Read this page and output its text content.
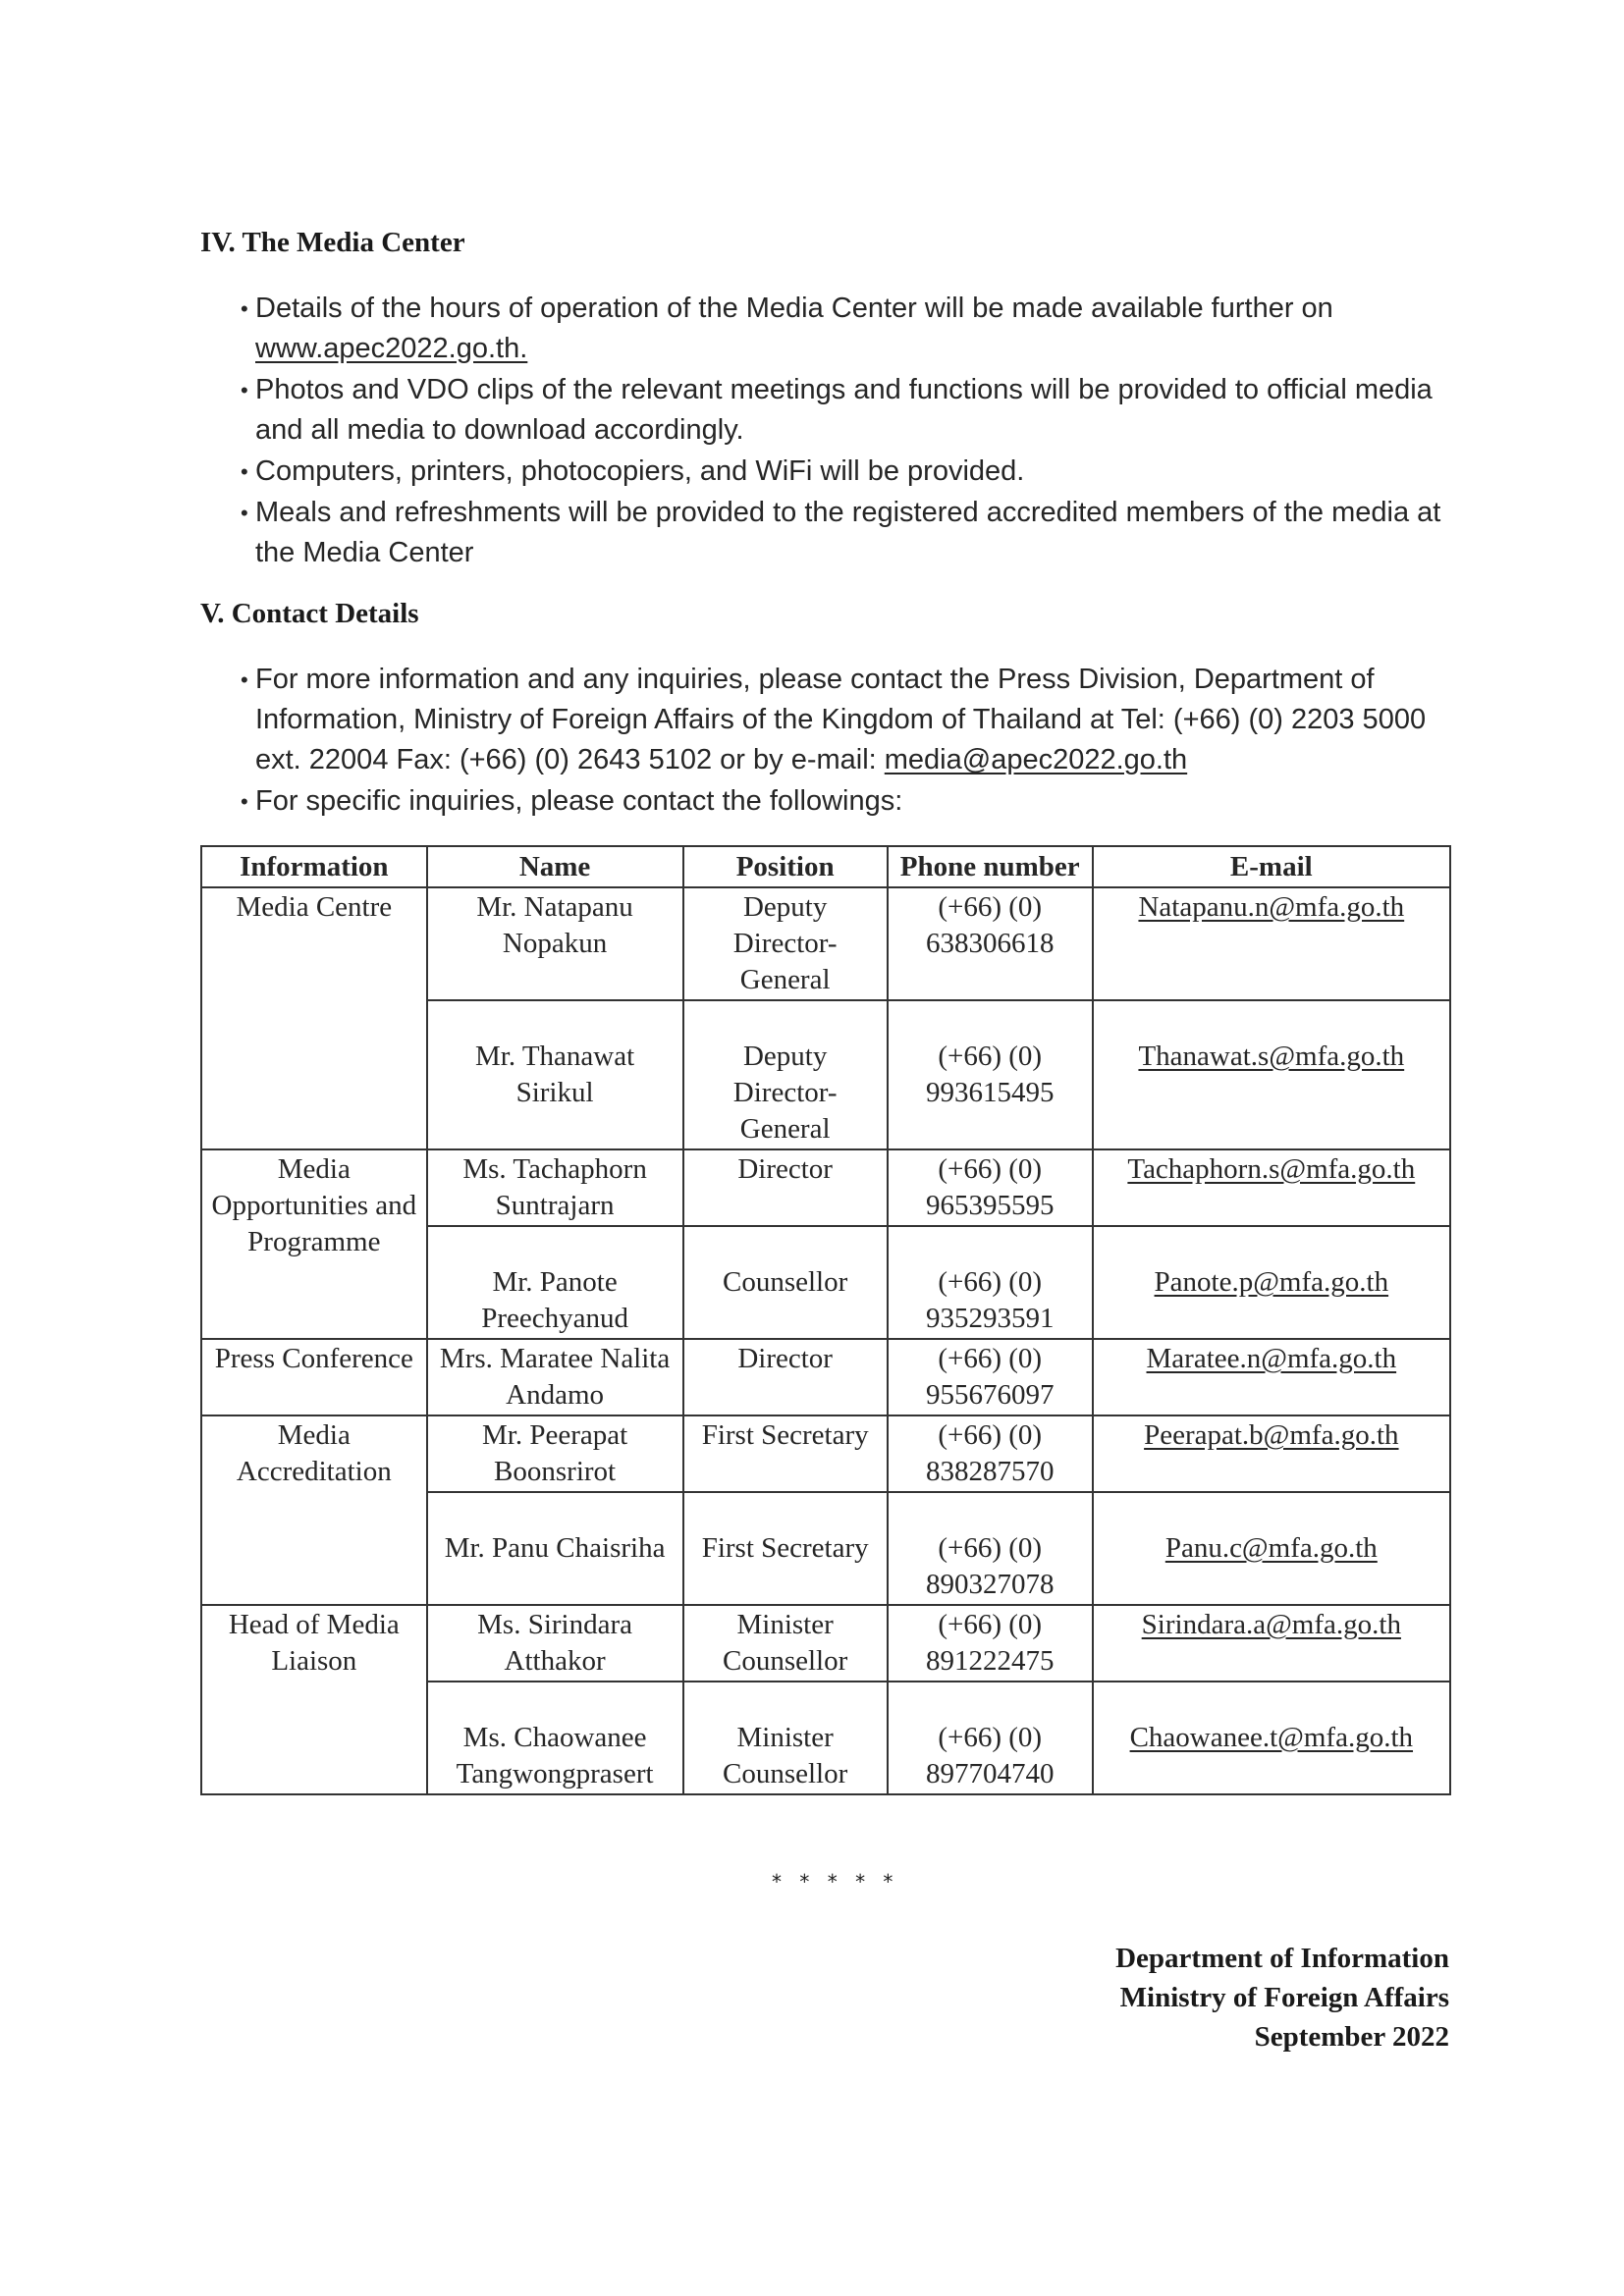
IV. The Media Center
• Details of the hours of operation of the Media Center will be made available further on
www.apec2022.go.th.
• Photos and VDO clips of the relevant meetings and functions will be provided to official media and all media to download accordingly.
• Computers, printers, photocopiers, and WiFi will be provided.
• Meals and refreshments will be provided to the registered accredited members of the media at the Media Center
V. Contact Details
• For more information and any inquiries, please contact the Press Division, Department of Information, Ministry of Foreign Affairs of the Kingdom of Thailand at Tel: (+66) (0) 2203 5000 ext. 22004 Fax: (+66) (0) 2643 5102 or by e-mail: media@apec2022.go.th
• For specific inquiries, please contact the followings:
Information	Name	Position	Phone number	E-mail
Media Centre	Mr. Natapanu Nopakun	Deputy Director-General	(+66) (0) 638306618	Natapanu.n@mfa.go.th
	Mr. Thanawat Sirikul	Deputy Director-General	(+66) (0) 993615495	Thanawat.s@mfa.go.th
Media Opportunities and Programme	Ms. Tachaphorn Suntrajarn	Director	(+66) (0) 965395595	Tachaphorn.s@mfa.go.th
	Mr. Panote Preechyanud	Counsellor	(+66) (0) 935293591	Panote.p@mfa.go.th
Press Conference	Mrs. Maratee Nalita Andamo	Director	(+66) (0) 955676097	Maratee.n@mfa.go.th
Media Accreditation	Mr. Peerapat Boonsrirot	First Secretary	(+66) (0) 838287570	Peerapat.b@mfa.go.th
	Mr. Panu Chaisriha	First Secretary	(+66) (0) 890327078	Panu.c@mfa.go.th
Head of Media Liaison	Ms. Sirindara Atthakor	Minister Counsellor	(+66) (0) 891222475	Sirindara.a@mfa.go.th
	Ms. Chaowanee Tangwongprasert	Minister Counsellor	(+66) (0) 897704740	Chaowanee.t@mfa.go.th
* * * * *
Department of Information
Ministry of Foreign Affairs
September 2022
